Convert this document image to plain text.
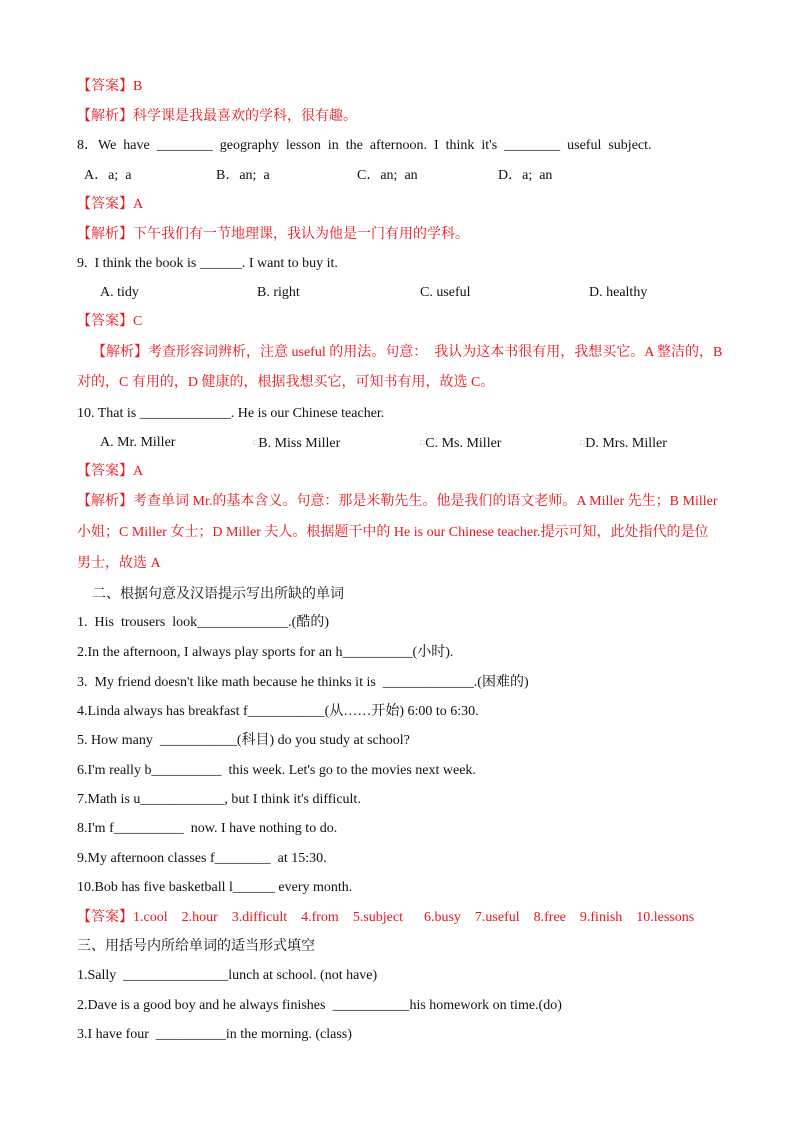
【答案】B
【解析】科学课是我最喜欢的学科，很有趣。
8．We  have  ________  geography  lesson  in  the  afternoon.  I  think  it's  ________  useful  subject.
A．a;  a	B．an;  a	C．an;  an	D．a;  an
【答案】A
【解析】下午我们有一节地理课，我认为他是一门有用的学科。
9.  I think the book is ______. I want to buy it.
A. tidy	B. right	C. useful	D. healthy
【答案】C
【解析】考查形容词辨析，注意 useful 的用法。句意：  我认为这本书很有用，我想买它。A 整洁的，B
对的，C 有用的，D 健康的，根据我想买它，可知书有用，故选 C。
10. That is _____________. He is our Chinese teacher.
A. Mr. Miller	□ B. Miss Miller	□ C. Ms. Miller	□ D. Mrs. Miller
【答案】A
【解析】考查单词 Mr.的基本含义。句意：那是米勒先生。他是我们的语文老师。A Miller 先生；B Miller
小姐；C Miller 女士；D Miller 夫人。根据题干中的 He is our Chinese teacher.提示可知，此处指代的是位
男士，故选 A
二、根据句意及汉语提示写出所缺的单词
1.  His  trousers  look_____________.(酷的)
2.In the afternoon, I always play sports for an h__________(小时).
3.  My friend doesn't like math because he thinks it is  _____________.(困难的)
4.Linda always has breakfast f___________(从……开始) 6:00 to 6:30.
5. How many  ___________(科目) do you study at school?
6.I'm really b__________  this week. Let's go to the movies next week.
7.Math is u____________, but I think it's difficult.
8.I'm f__________  now. I have nothing to do.
9.My afternoon classes f________  at 15:30.
10.Bob has five basketball l______ every month.
【答案】1.cool    2.hour    3.difficult    4.from    5.subject      6.busy    7.useful    8.free    9.finish    10.lessons
三、用括号内所给单词的适当形式填空
1.Sally  _______________lunch at school. (not have)
2.Dave is a good boy and he always finishes  ___________his homework on time.(do)
3.I have four  __________in the morning. (class)
